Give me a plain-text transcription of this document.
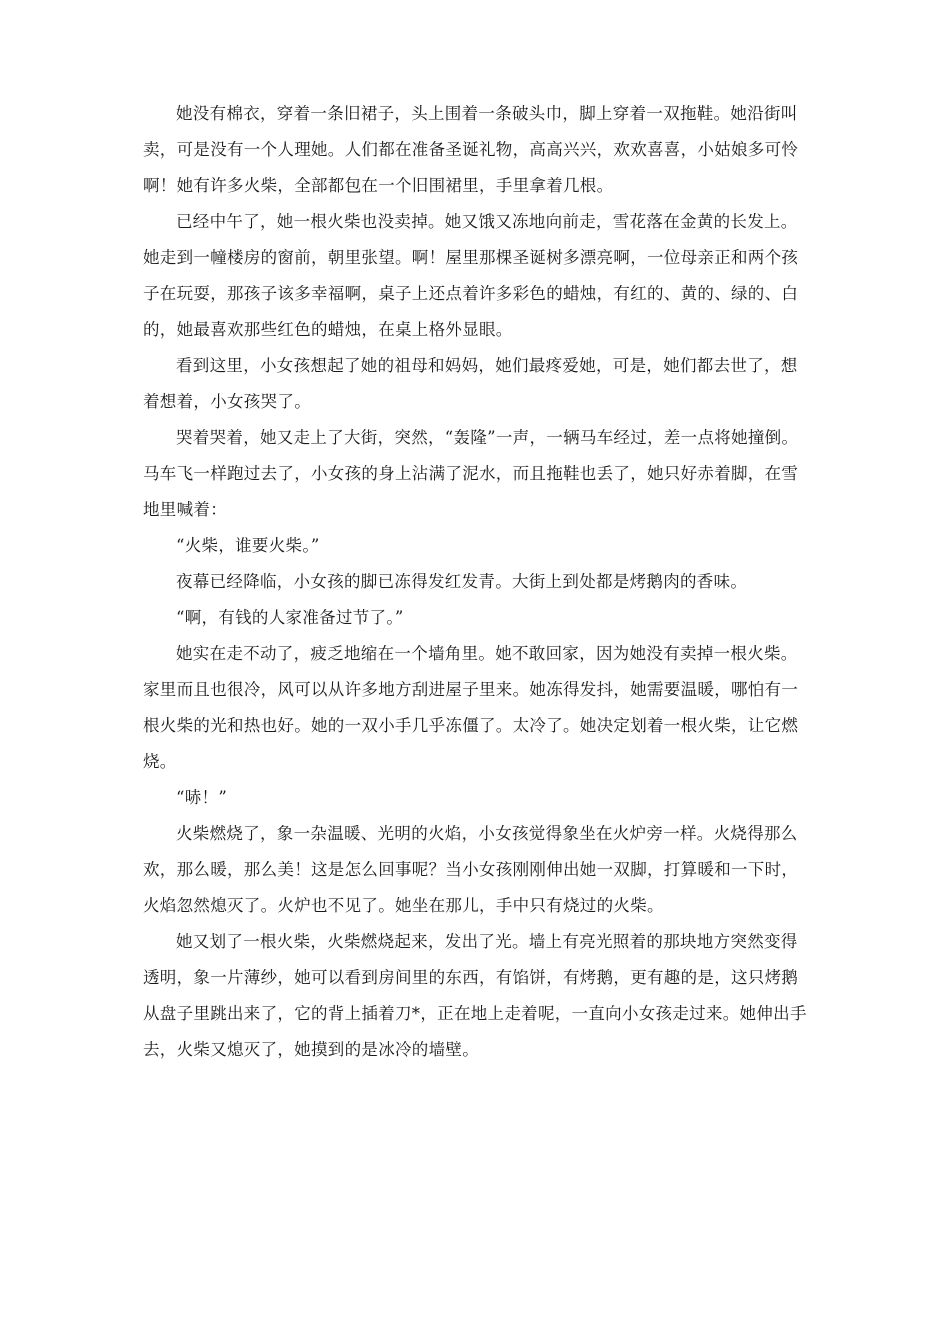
她没有棉衣，穿着一条旧裙子，头上围着一条破头巾，脚上穿着一双拖鞋。她沿街叫
卖，可是没有一个人理她。人们都在准备圣诞礼物，高高兴兴，欢欢喜喜，小姑娘多可怜
啊！她有许多火柴，全部都包在一个旧围裙里，手里拿着几根。

已经中午了，她一根火柴也没卖掉。她又饿又冻地向前走，雪花落在金黄的长发上。
她走到一幢楼房的窗前，朝里张望。啊！屋里那棵圣诞树多漂亮啊，一位母亲正和两个孩
子在玩耍，那孩子该多幸福啊，桌子上还点着许多彩色的蜡烛，有红的、黄的、绿的、白
的，她最喜欢那些红色的蜡烛，在桌上格外显眼。

看到这里，小女孩想起了她的祖母和妈妈，她们最疼爱她，可是，她们都去世了，想
着想着，小女孩哭了。

哭着哭着，她又走上了大街，突然，“轰隆”一声，一辆马车经过，差一点将她撞倒。
马车飞一样跑过去了，小女孩的身上沾满了泥水，而且拖鞋也丢了，她只好赤着脚，在雪
地里喊着：

“火柴，谁要火柴。”

夜幕已经降临，小女孩的脚已冻得发红发青。大街上到处都是烤鹅肉的香味。

“啊，有钱的人家准备过节了。”

她实在走不动了，疲乏地缩在一个墙角里。她不敢回家，因为她没有卖掉一根火柴。
家里而且也很冷，风可以从许多地方刮进屋子里来。她冻得发抖，她需要温暖，哪怕有一
根火柴的光和热也好。她的一双小手几乎冻僵了。太冷了。她决定划着一根火柴，让它燃
烧。

“哧！”

火柴燃烧了，象一杂温暖、光明的火焰，小女孩觉得象坐在火炉旁一样。火烧得那么
欢，那么暖，那么美！这是怎么回事呢？当小女孩刚刚伸出她一双脚，打算暖和一下时，
火焰忽然熄灭了。火炉也不见了。她坐在那儿，手中只有烧过的火柴。

她又划了一根火柴，火柴燃烧起来，发出了光。墙上有亮光照着的那块地方突然变得
透明，象一片薄纱，她可以看到房间里的东西，有馅饼，有烤鹅，更有趣的是，这只烤鹅
从盘子里跳出来了，它的背上插着刀*，正在地上走着呢，一直向小女孩走过来。她伸出手
去，火柴又熄灭了，她摸到的是冰冷的墙壁。
